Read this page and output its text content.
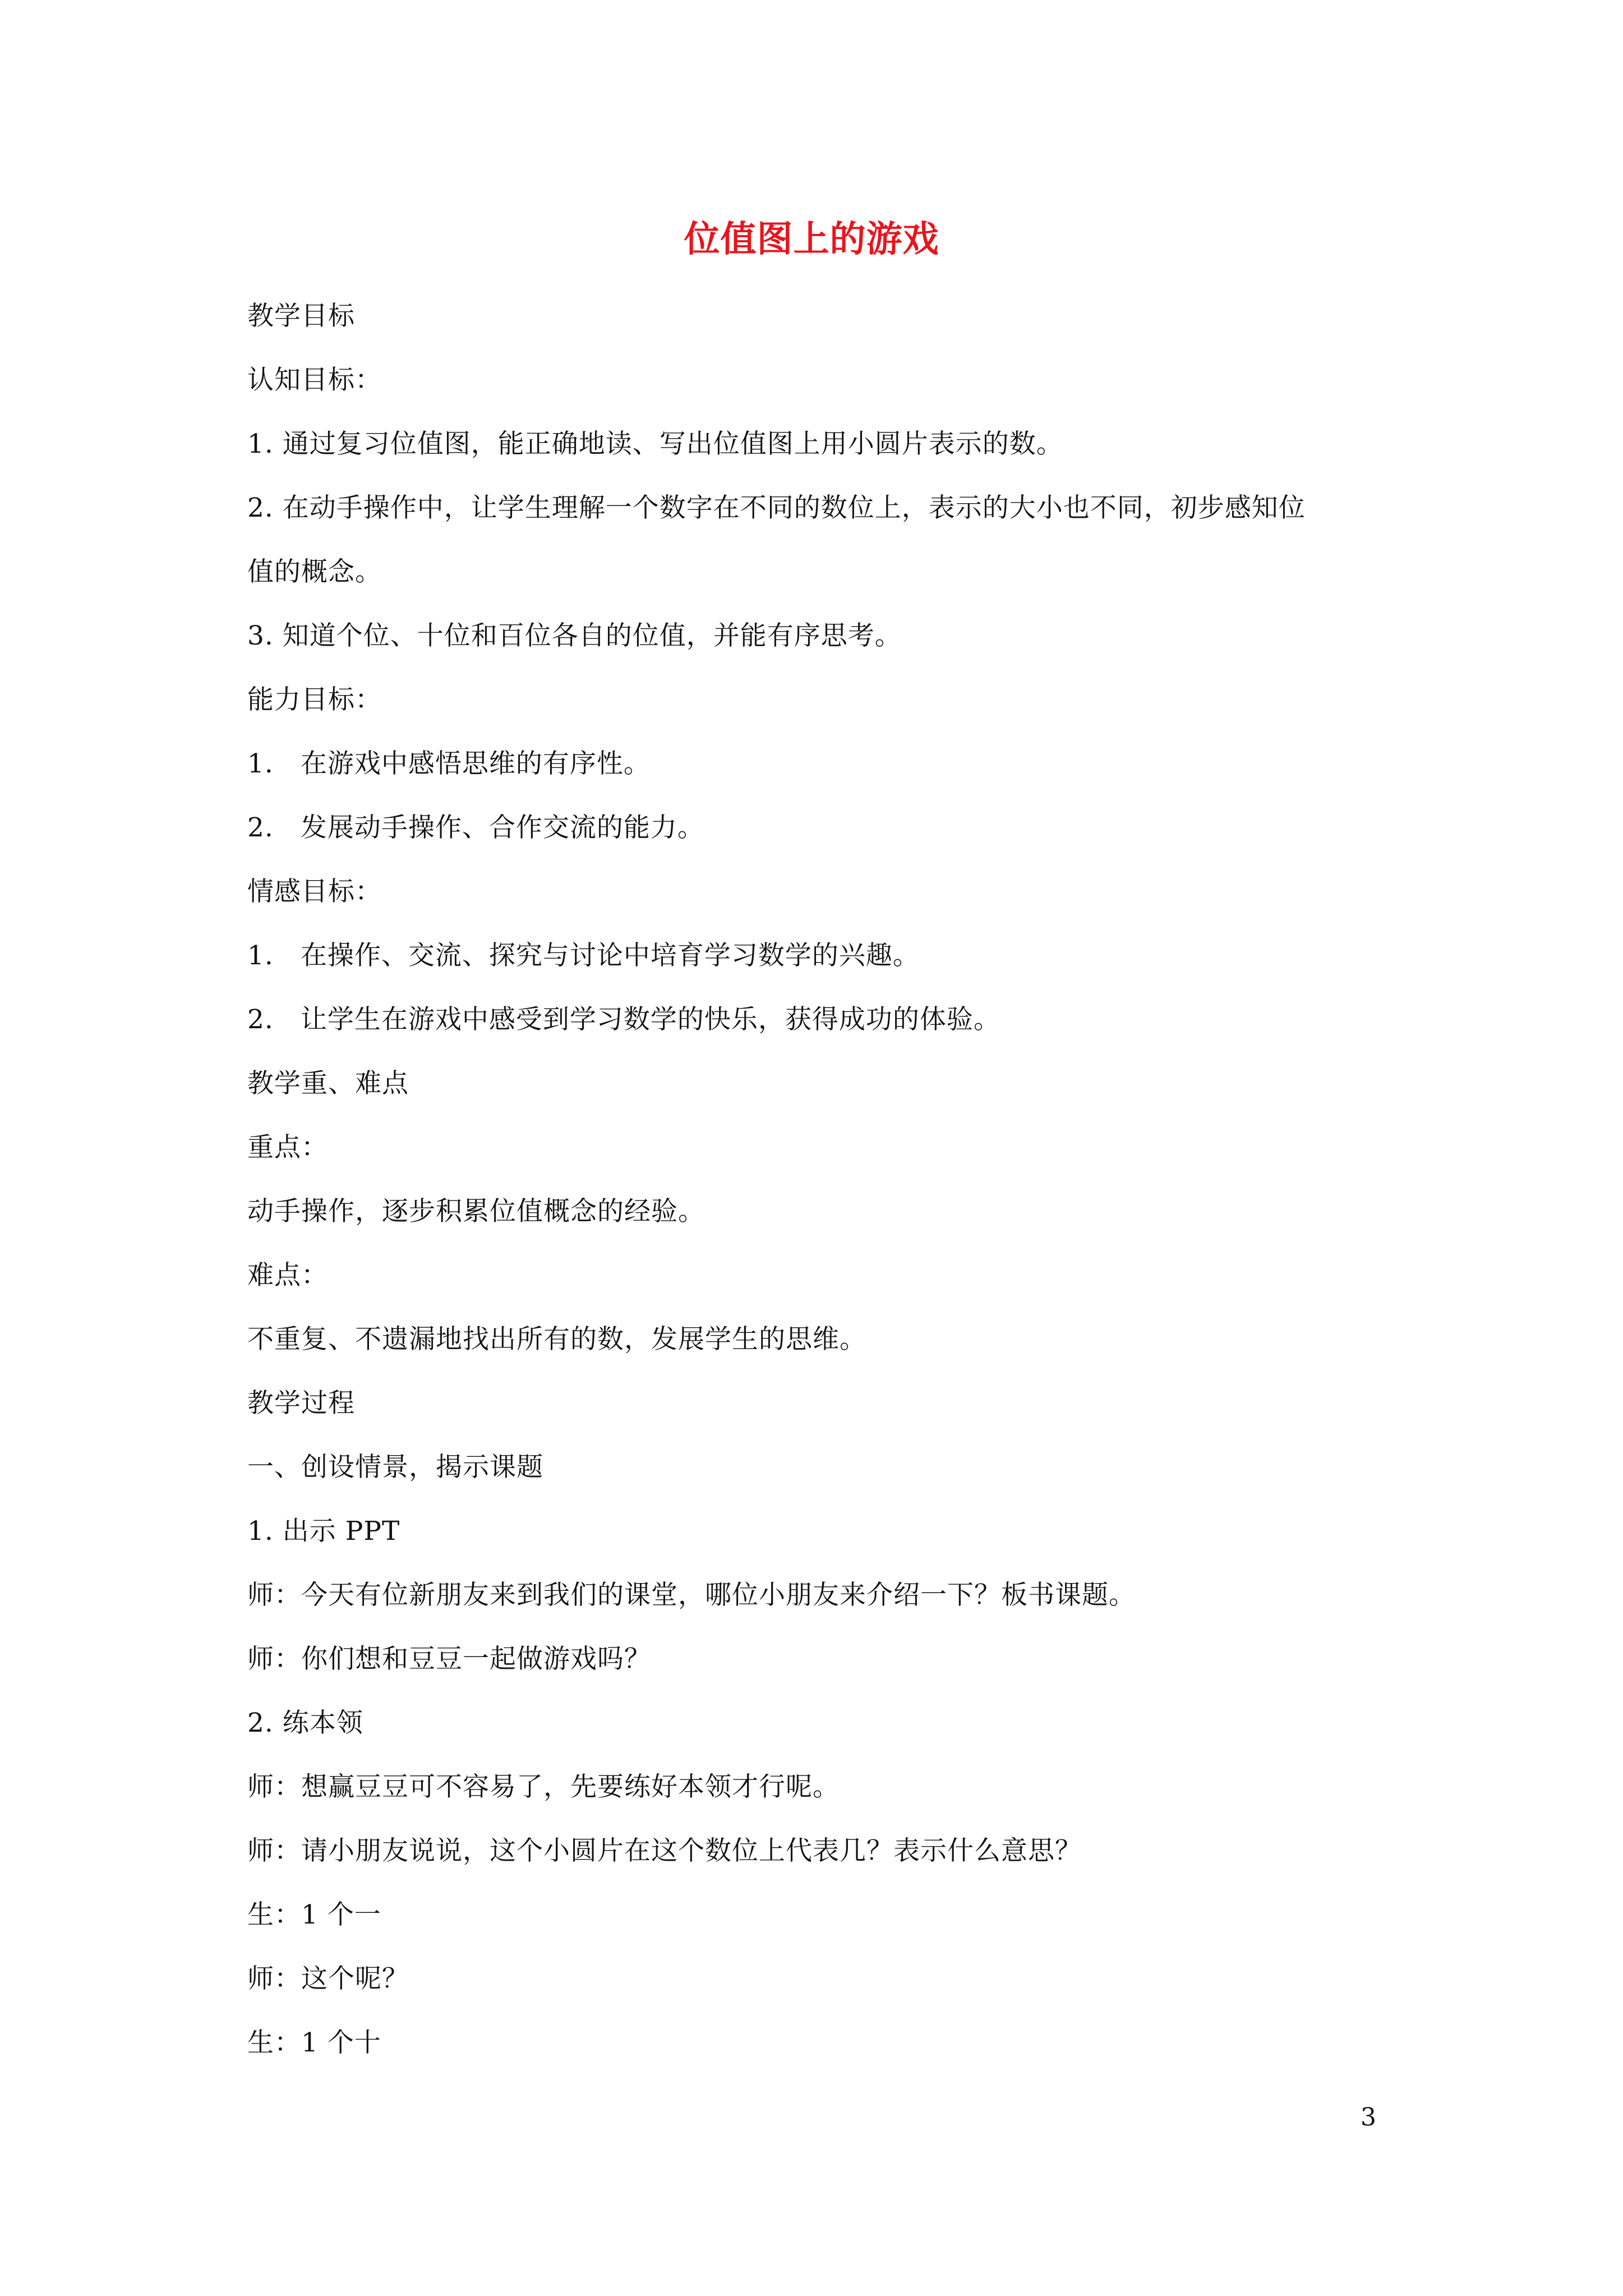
位值图上的游戏
教学目标
认知目标：
1. 通过复习位值图，能正确地读、写出位值图上用小圆片表示的数。
2. 在动手操作中，让学生理解一个数字在不同的数位上，表示的大小也不同，初步感知位
值的概念。
3. 知道个位、十位和百位各自的位值，并能有序思考。
能力目标：
1.　在游戏中感悟思维的有序性。
2.　发展动手操作、合作交流的能力。
情感目标：
1.　在操作、交流、探究与讨论中培育学习数学的兴趣。
2.　让学生在游戏中感受到学习数学的快乐，获得成功的体验。
教学重、难点
重点：
动手操作，逐步积累位值概念的经验。
难点：
不重复、不遗漏地找出所有的数，发展学生的思维。
教学过程
一、创设情景，揭示课题
1. 出示 PPT
师：今天有位新朋友来到我们的课堂，哪位小朋友来介绍一下？板书课题。
师：你们想和豆豆一起做游戏吗？
2. 练本领
师：想赢豆豆可不容易了，先要练好本领才行呢。
师：请小朋友说说，这个小圆片在这个数位上代表几？表示什么意思？
生：1 个一
师：这个呢？
生：1 个十
3
